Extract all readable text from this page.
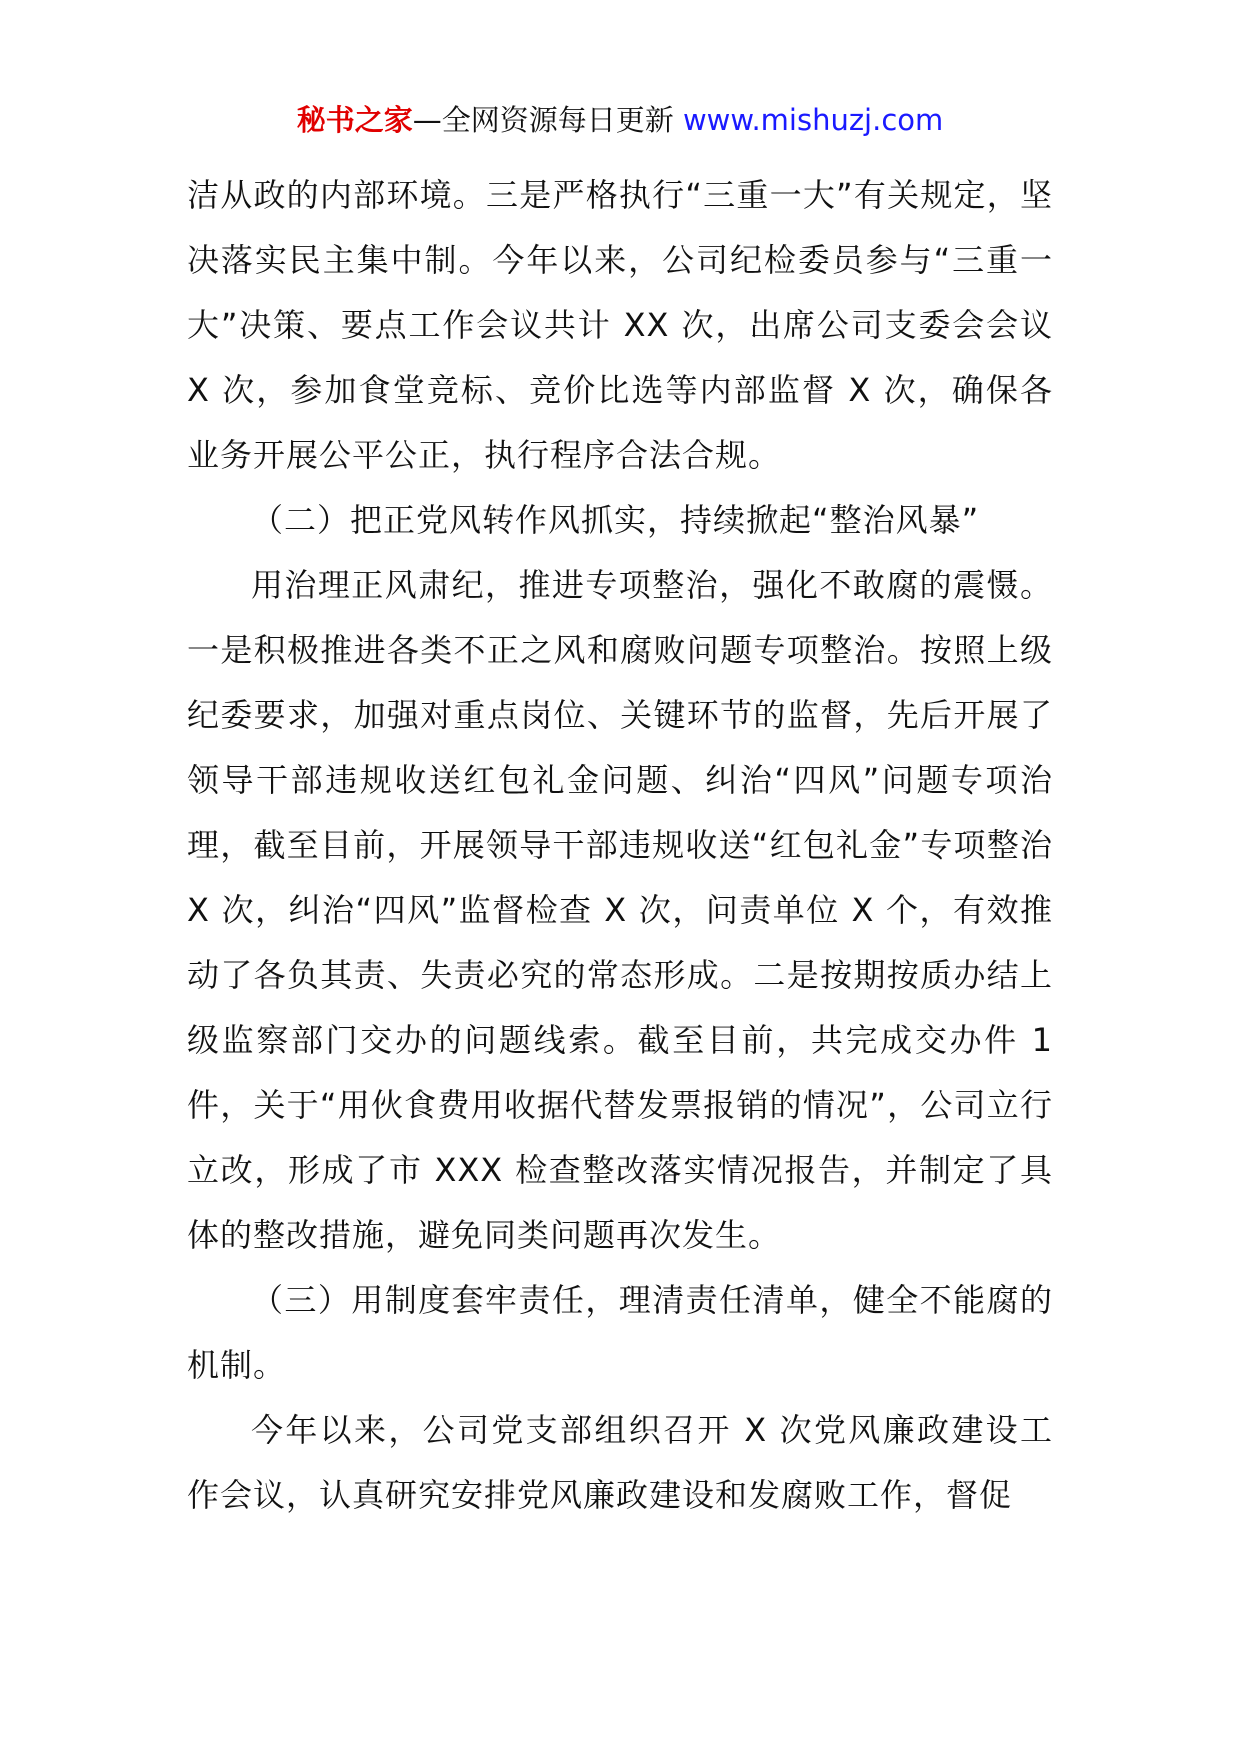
秘书之家—全网资源每日更新 www.mishuzj.com

洁从政的内部环境。三是严格执行“三重一大”有关规定，坚决落实民主集中制。今年以来，公司纪检委员参与“三重一大”决策、要点工作会议共计 XX 次，出席公司支委会会议 X 次，参加食堂竞标、竞价比选等内部监督 X 次，确保各业务开展公平公正，执行程序合法合规。

（二）把正党风转作风抓实，持续掀起“整治风暴”

用治理正风肃纪，推进专项整治，强化不敢腐的震慑。一是积极推进各类不正之风和腐败问题专项整治。按照上级纪委要求，加强对重点岗位、关键环节的监督，先后开展了领导干部违规收送红包礼金问题、纠治“四风”问题专项治理，截至目前，开展领导干部违规收送“红包礼金”专项整治 X 次，纠治“四风”监督检查 X 次，问责单位 X 个，有效推动了各负其责、失责必究的常态形成。二是按期按质办结上级监察部门交办的问题线索。截至目前，共完成交办件 1 件，关于“用伙食费用收据代替发票报销的情况”，公司立行立改，形成了市 XXX 检查整改落实情况报告，并制定了具体的整改措施，避免同类问题再次发生。

（三）用制度套牢责任，理清责任清单，健全不能腐的机制。

今年以来，公司党支部组织召开 X 次党风廉政建设工作会议，认真研究安排党风廉政建设和发腐败工作，督促
